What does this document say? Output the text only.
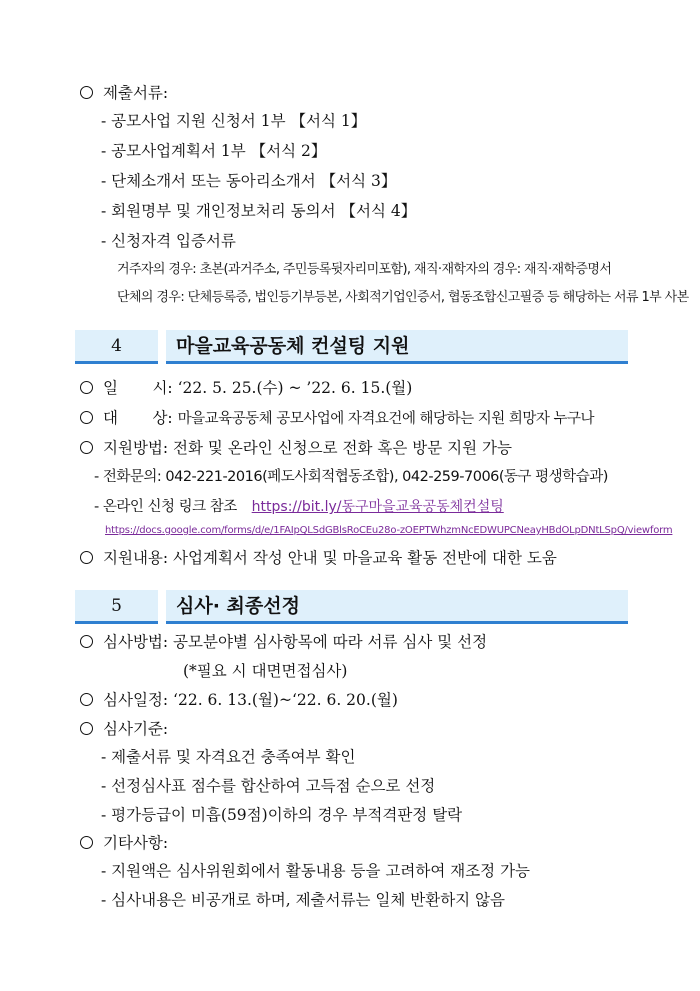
제출서류:
- 공모사업 지원 신청서 1부 【서식 1】
- 공모사업계획서 1부 【서식 2】
- 단체소개서 또는 동아리소개서 【서식 3】
- 회원명부 및 개인정보처리 동의서 【서식 4】
- 신청자격 입증서류
거주자의 경우: 초본(과거주소, 주민등록뒷자리미포함), 재직·재학자의 경우: 재직·재학증명서
단체의 경우: 단체등록증, 법인등기부등본, 사회적기업인증서, 협동조합신고필증 등 해당하는 서류 1부 사본
4	마을교육공동체 컨설팅 지원
일       시: ‘22. 5. 25.(수) ~ ’22. 6. 15.(월)
대       상: 마을교육공동체 공모사업에 자격요건에 해당하는 지원 희망자 누구나
지원방법: 전화 및 온라인 신청으로 전화 혹은 방문 지원 가능
- 전화문의: 042-221-2016(페도사회적협동조합), 042-259-7006(동구 평생학습과)
- 온라인 신청 링크 참조 https://bit.ly/동구마을교육공동체컨설팅
https://docs.google.com/forms/d/e/1FAIpQLSdGBlsRoCEu28o-zOEPTWhzmNcEDWUPCNeayHBdOLpDNtLSpQ/viewform
지원내용: 사업계획서 작성 안내 및 마을교육 활동 전반에 대한 도움
5	심사· 최종선정
심사방법: 공모분야별 심사항목에 따라 서류 심사 및 선정
(*필요 시 대면면접심사)
심사일정: ‘22. 6. 13.(월)~‘22. 6. 20.(월)
심사기준:
- 제출서류 및 자격요건 충족여부 확인
- 선정심사표 점수를 합산하여 고득점 순으로 선정
- 평가등급이 미흡(59점)이하의 경우 부적격판정 탈락
기타사항:
- 지원액은 심사위원회에서 활동내용 등을 고려하여 재조정 가능
- 심사내용은 비공개로 하며, 제출서류는 일체 반환하지 않음
